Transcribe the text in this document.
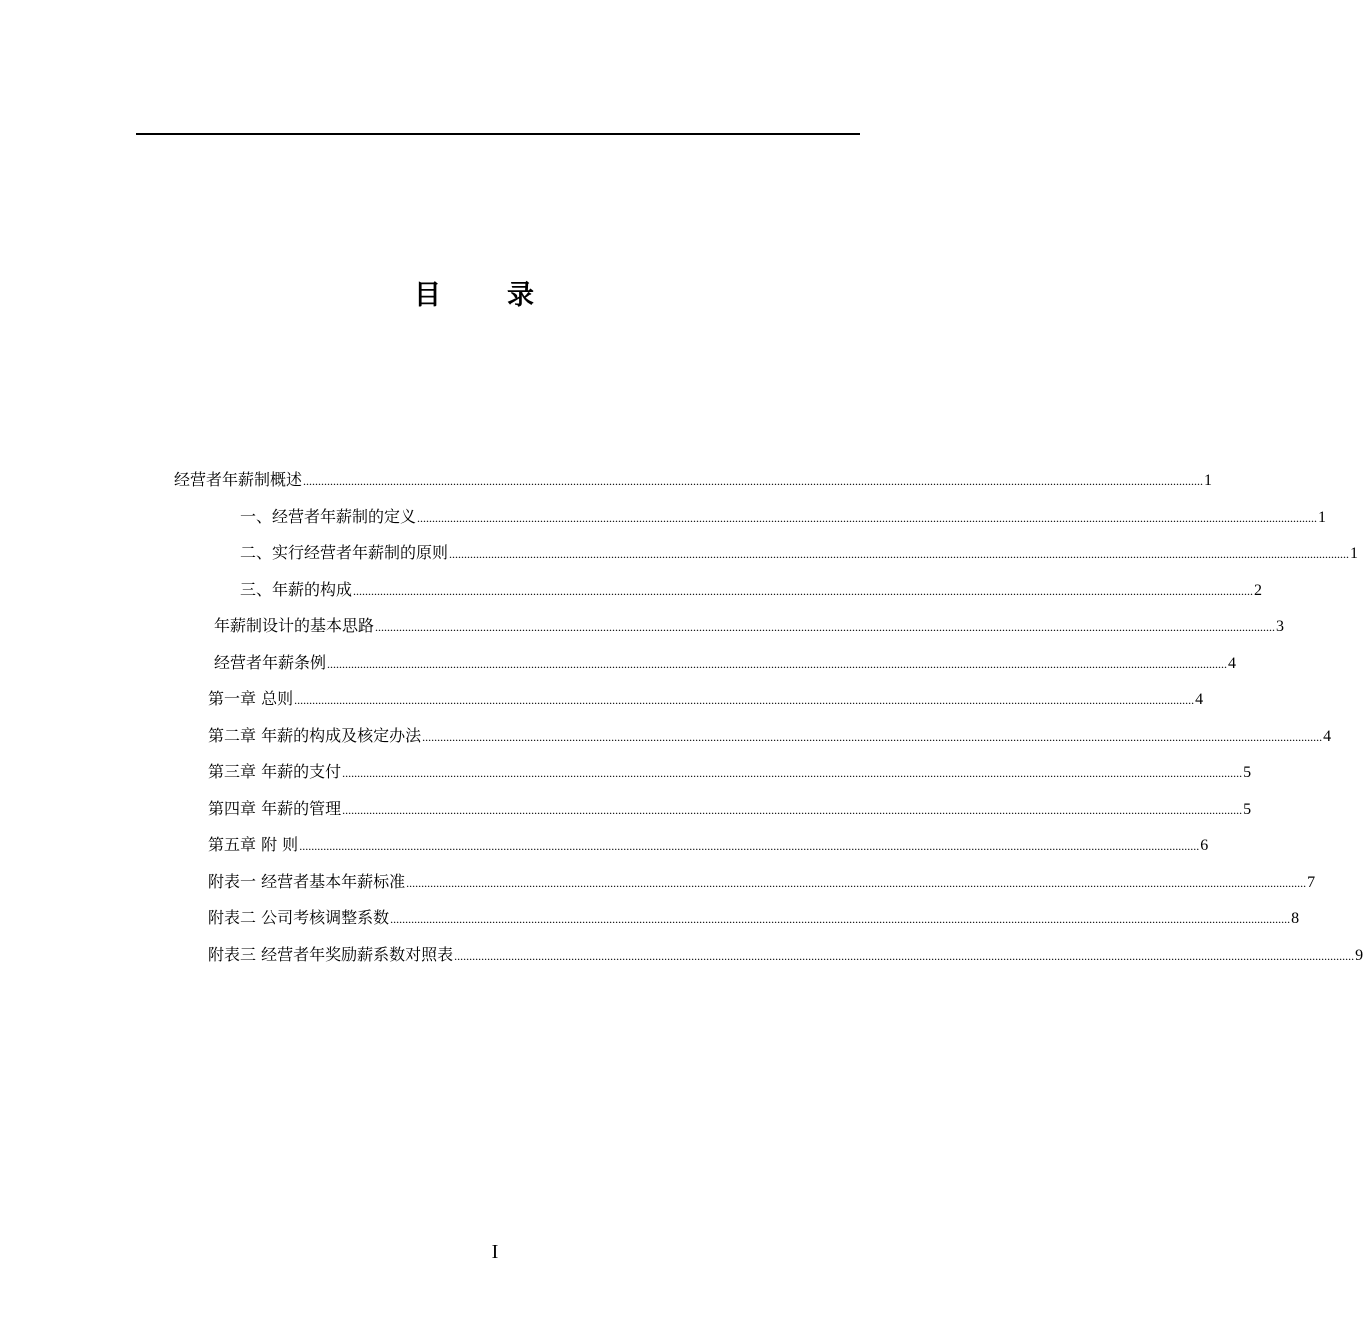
目 录
经营者年薪制概述 ............................................................................................................................................................................................................................................................................................................ 1
一、经营者年薪制的定义 ............................................................................................................................................................................................................................................................................................................ 1
二、实行经营者年薪制的原则 ............................................................................................................................................................................................................................................................................................................ 1
三、年薪的构成 ............................................................................................................................................................................................................................................................................................................ 2
年薪制设计的基本思路 ............................................................................................................................................................................................................................................................................................................ 3
经营者年薪条例 ............................................................................................................................................................................................................................................................................................................ 4
第一章 总则 ............................................................................................................................................................................................................................................................................................................ 4
第二章 年薪的构成及核定办法 ............................................................................................................................................................................................................................................................................................................ 4
第三章 年薪的支付 ............................................................................................................................................................................................................................................................................................................ 5
第四章 年薪的管理 ............................................................................................................................................................................................................................................................................................................ 5
第五章 附 则 ............................................................................................................................................................................................................................................................................................................ 6
附表一 经营者基本年薪标准 ............................................................................................................................................................................................................................................................................................................ 7
附表二 公司考核调整系数 ............................................................................................................................................................................................................................................................................................................ 8
附表三 经营者年奖励薪系数对照表 ............................................................................................................................................................................................................................................................................................................ 9
I
